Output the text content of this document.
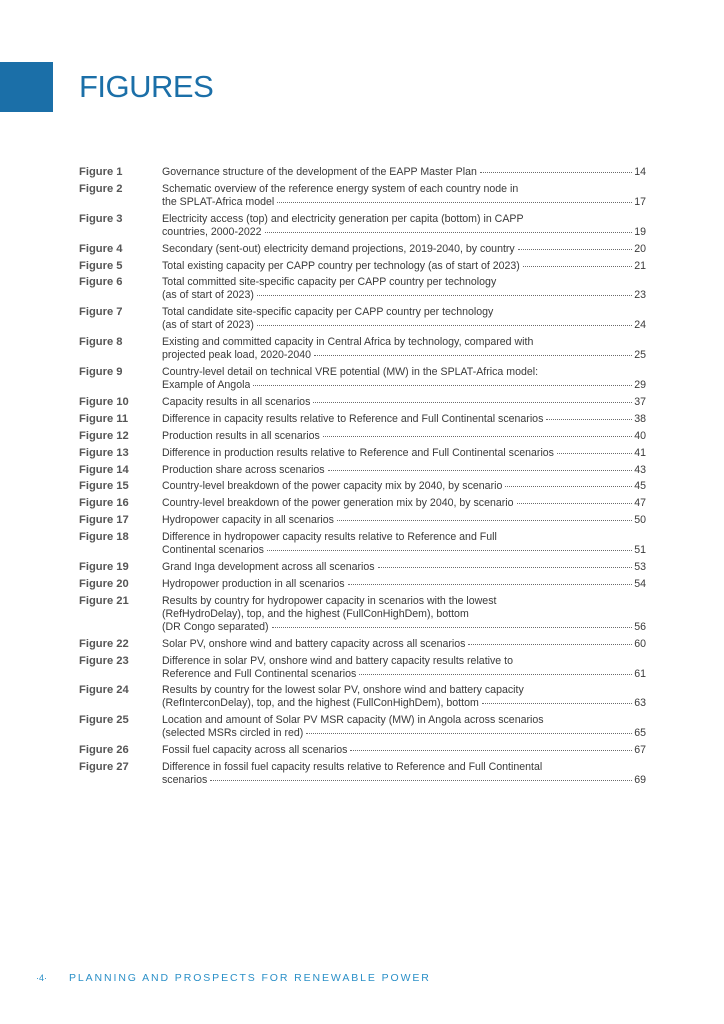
FIGURES
Figure 1	Governance structure of the development of the EAPP Master Plan	14
Figure 2	Schematic overview of the reference energy system of each country node in
the SPLAT-Africa model	17
Figure 3	Electricity access (top) and electricity generation per capita (bottom) in CAPP
countries, 2000-2022	19
Figure 4	Secondary (sent-out) electricity demand projections, 2019-2040, by country	20
Figure 5	Total existing capacity per CAPP country per technology (as of start of 2023)	21
Figure 6	Total committed site-specific capacity per CAPP country per technology
(as of start of 2023)	23
Figure 7	Total candidate site-specific capacity per CAPP country per technology
(as of start of 2023)	24
Figure 8	Existing and committed capacity in Central Africa by technology, compared with
projected peak load, 2020-2040	25
Figure 9	Country-level detail on technical VRE potential (MW) in the SPLAT-Africa model:
Example of Angola	29
Figure 10	Capacity results in all scenarios	37
Figure 11	Difference in capacity results relative to Reference and Full Continental scenarios	38
Figure 12	Production results in all scenarios	40
Figure 13	Difference in production results relative to Reference and Full Continental scenarios	41
Figure 14	Production share across scenarios	43
Figure 15	Country-level breakdown of the power capacity mix by 2040, by scenario	45
Figure 16	Country-level breakdown of the power generation mix by 2040, by scenario	47
Figure 17	Hydropower capacity in all scenarios	50
Figure 18	Difference in hydropower capacity results relative to Reference and Full
Continental scenarios	51
Figure 19	Grand Inga development across all scenarios	53
Figure 20	Hydropower production in all scenarios	54
Figure 21	Results by country for hydropower capacity in scenarios with the lowest
(RefHydroDelay), top, and the highest (FullConHighDem), bottom
(DR Congo separated)	56
Figure 22	Solar PV, onshore wind and battery capacity across all scenarios	60
Figure 23	Difference in solar PV, onshore wind and battery capacity results relative to
Reference and Full Continental scenarios	61
Figure 24	Results by country for the lowest solar PV, onshore wind and battery capacity
(RefInterconDelay), top, and the highest (FullConHighDem), bottom	63
Figure 25	Location and amount of Solar PV MSR capacity (MW) in Angola across scenarios
(selected MSRs circled in red)	65
Figure 26	Fossil fuel capacity across all scenarios	67
Figure 27	Difference in fossil fuel capacity results relative to Reference and Full Continental
scenarios	69
·4· PLANNING AND PROSPECTS FOR RENEWABLE POWER
